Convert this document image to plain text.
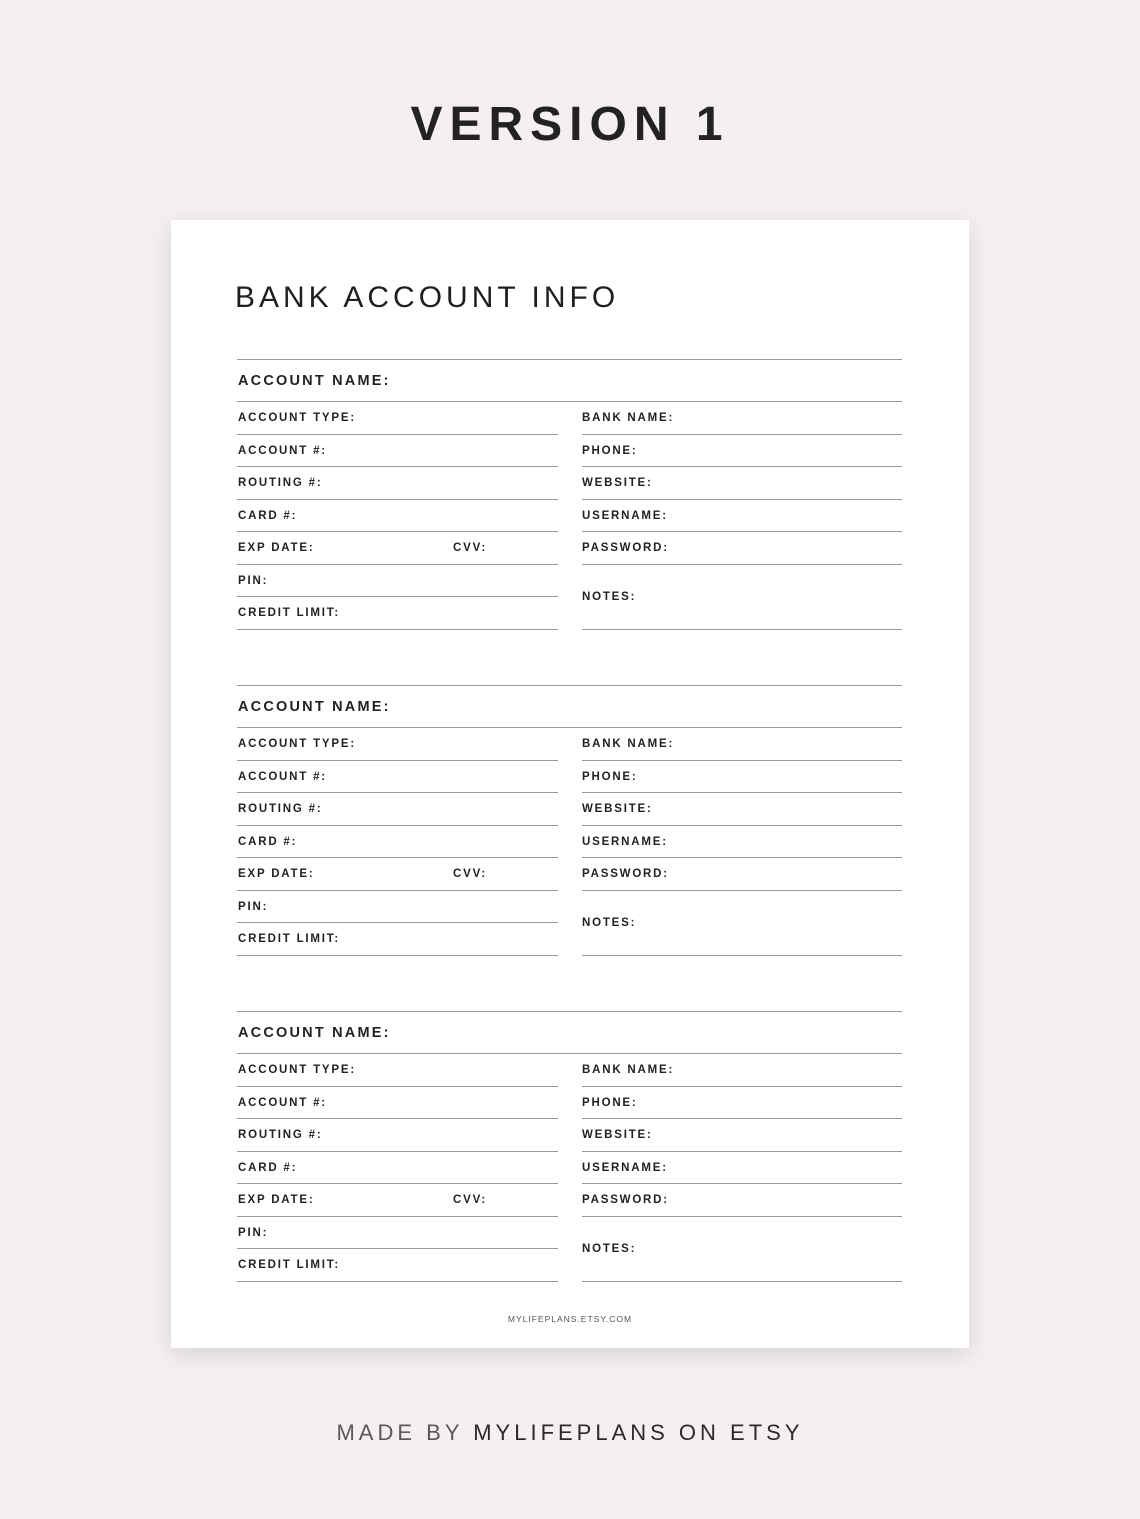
VERSION 1
BANK ACCOUNT INFO
ACCOUNT NAME:
ACCOUNT TYPE:	BANK NAME:
ACCOUNT #:	PHONE:
ROUTING #:	WEBSITE:
CARD #:	USERNAME:
EXP DATE:	CVV:	PASSWORD:
PIN:
NOTES:
CREDIT LIMIT:
ACCOUNT NAME:
ACCOUNT TYPE:	BANK NAME:
ACCOUNT #:	PHONE:
ROUTING #:	WEBSITE:
CARD #:	USERNAME:
EXP DATE:	CVV:	PASSWORD:
PIN:
NOTES:
CREDIT LIMIT:
ACCOUNT NAME:
ACCOUNT TYPE:	BANK NAME:
ACCOUNT #:	PHONE:
ROUTING #:	WEBSITE:
CARD #:	USERNAME:
EXP DATE:	CVV:	PASSWORD:
PIN:
NOTES:
CREDIT LIMIT:
MYLIFEPLANS.ETSY.COM
MADE BY MYLIFEPLANS ON ETSY
